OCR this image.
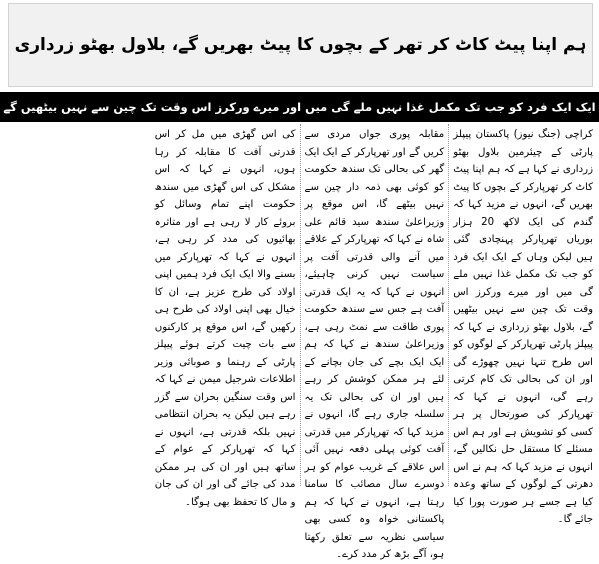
ہم اپنا پیٹ کاٹ کر تھر کے بچوں کا پیٹ بھریں گے، بلاول بھٹو زرداری
ایک ایک فرد کو جب تک مکمل غذا نہیں ملے گی میں اور میرے ورکرز اس وقت تک چین سے نہیں بیٹھیں گے
کراچی (جنگ نیوز) پاکستان پیپلز پارٹی کے چیئرمین بلاول بھٹو زرداری نے کہا ہے کہ ہم اپنا پیٹ کاٹ کر تھرپارکر کے بچوں کا پیٹ بھریں گے، انہوں نے مزید کہا کہ گندم کی ایک لاکھ 20 ہزار بوریاں تھرپارکر پہنچادی گئی ہیں لیکن وہاں کے ایک ایک فرد کو جب تک مکمل غذا نہیں ملے گی میں اور میرے ورکرز اس وقت تک چین سے نہیں بیٹھیں گے، بلاول بھٹو زرداری نے کہا کہ پیپلز پارٹی تھرپارکر کے لوگوں کو اس طرح تنہا نہیں چھوڑے گی اور ان کی بحالی تک کام کرتی رہے گی، انہوں نے کہا کہ تھرپارکر کی صورتحال پر ہر کسی کو تشویش ہے اور ہم اس مسئلے کا مستقل حل نکالیں گے، انہوں نے مزید کہا کہ ہم نے اس دھرتی کے لوگوں کے ساتھ وعدہ کیا ہے جسے ہر صورت پورا کیا جائے گا۔
مقابلہ پوری جواں مردی سے کریں گے اور تھرپارکر کے ایک ایک گھر کی بحالی تک سندھ حکومت کو کوئی بھی ذمہ دار چین سے نہیں بیٹھے گا، اس موقع پر وزیراعلیٰ سندھ سید قائم علی شاہ نے کہا کہ تھرپارکر کے علاقے میں آنے والی قدرتی آفت پر سیاست نہیں کرنی چاہیئے، انہوں نے کہا کہ یہ ایک قدرتی آفت ہے جس سے سندھ حکومت پوری طاقت سے نمٹ رہی ہے، وزیراعلیٰ سندھ نے کہا کہ ہم ایک ایک بچے کی جان بچانے کے لئے ہر ممکن کوشش کر رہے ہیں اور ان کی بحالی تک یہ سلسلہ جاری رہے گا، انہوں نے مزید کہا کہ تھرپارکر میں قدرتی آفت کوئی پہلی دفعہ نہیں آئی اس علاقے کے غریب عوام کو ہر دوسرے سال مصائب کا سامنا رہتا ہے، انہوں نے کہا کہ ہم پاکستانی خواہ وہ کسی بھی سیاسی نظریہ سے تعلق رکھتا ہو، آگے بڑھ کر مدد کرے۔
کی اس گھڑی میں مل کر اس قدرتی آفت کا مقابلہ کر رہا ہوں، انہوں نے کہا کہ اس مشکل کی اس گھڑی میں سندھ حکومت اپنے تمام وسائل کو بروئے کار لا رہی ہے اور متاثرہ بھائیوں کی مدد کر رہی ہے، انہوں نے کہا کہ تھرپارکر میں بسنے والا ایک ایک فرد ہمیں اپنی اولاد کی طرح عزیز ہے، ان کا خیال بھی اپنی اولاد کی طرح ہی رکھیں گے، اس موقع پر کارکنوں سے بات چیت کرتے ہوئے پیپلز پارٹی کے رہنما و صوبائی وزیر اطلاعات شرجیل میمن نے کہا کہ اس وقت سنگین بحران سے گزر رہے ہیں لیکن یہ بحران انتظامی نہیں بلکہ قدرتی ہے، انہوں نے کہا کہ تھرپارکر کے عوام کے ساتھ ہیں اور ان کی ہر ممکن مدد کی جائے گی اور ان کی جان و مال کا تحفظ بھی ہوگا۔
